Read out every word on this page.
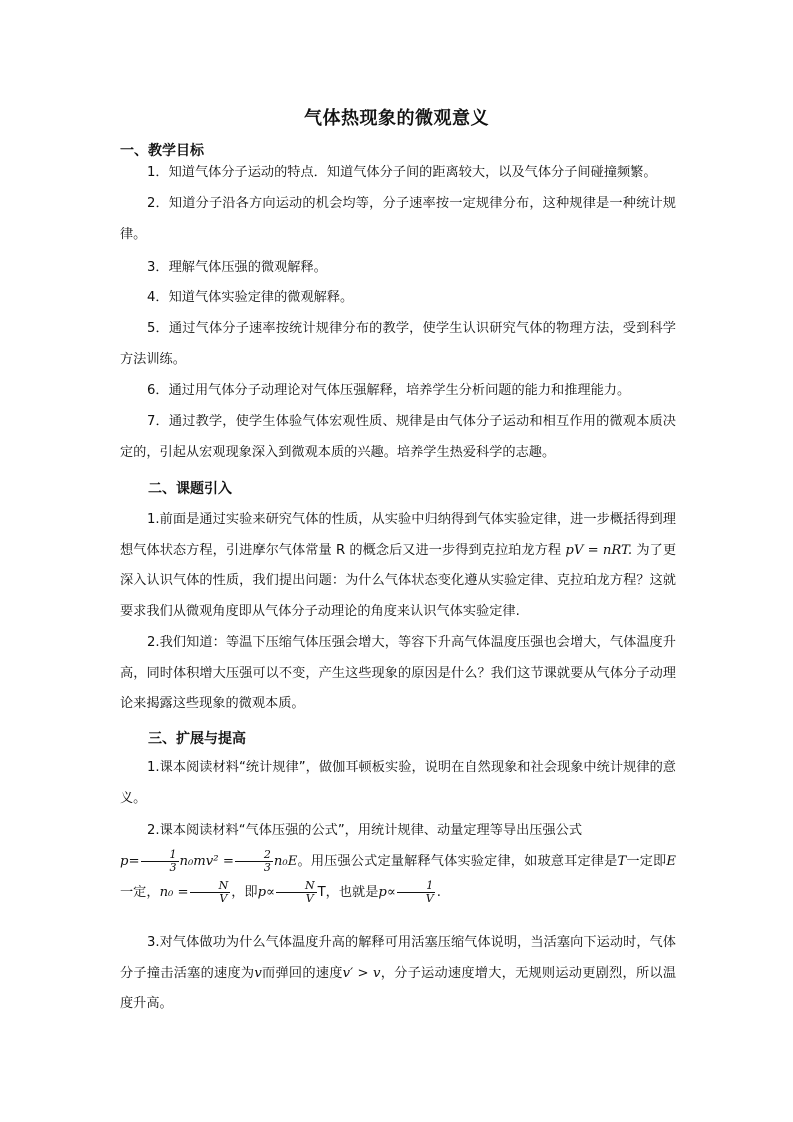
气体热现象的微观意义
一、教学目标
1．知道气体分子运动的特点．知道气体分子间的距离较大，以及气体分子间碰撞频繁。
2．知道分子沿各方向运动的机会均等，分子速率按一定规律分布，这种规律是一种统计规律。
3．理解气体压强的微观解释。
4．知道气体实验定律的微观解释。
5．通过气体分子速率按统计规律分布的教学，使学生认识研究气体的物理方法，受到科学方法训练。
6．通过用气体分子动理论对气体压强解释，培养学生分析问题的能力和推理能力。
7．通过教学，使学生体验气体宏观性质、规律是由气体分子运动和相互作用的微观本质决定的，引起从宏观现象深入到微观本质的兴趣。培养学生热爱科学的志趣。
二、课题引入
1.前面是通过实验来研究气体的性质，从实验中归纳得到气体实验定律，进一步概括得到理想气体状态方程，引进摩尔气体常量 R 的概念后又进一步得到克拉珀龙方程 pV = nRT. 为了更深入认识气体的性质，我们提出问题：为什么气体状态变化遵从实验定律、克拉珀龙方程？这就要求我们从微观角度即从气体分子动理论的角度来认识气体实验定律.
2.我们知道：等温下压缩气体压强会增大，等容下升高气体温度压强也会增大，气体温度升高，同时体积增大压强可以不变，产生这些现象的原因是什么？我们这节课就要从气体分子动理论来揭露这些现象的微观本质。
三、扩展与提高
1.课本阅读材料“统计规律”，做伽耳顿板实验，说明在自然现象和社会现象中统计规律的意义。
2.课本阅读材料“气体压强的公式”，用统计规律、动量定理等导出压强公式
$p= \frac{1}{3} n_0mv^2 = \frac{2}{3} n_0E$。用压强公式定量解释气体实验定律，如玻意耳定律是T一定即E一定，$n_0 = \frac{N}{V}$ ，即$p\propto \frac{N}{V}$ T，也就是$p\propto \frac{1}{V}$ .
3.对气体做功为什么气体温度升高的解释可用活塞压缩气体说明，当活塞向下运动时，气体分子撞击活塞的速度为v而弹回的速度v′ > v，分子运动速度增大，无规则运动更剧烈，所以温度升高。
